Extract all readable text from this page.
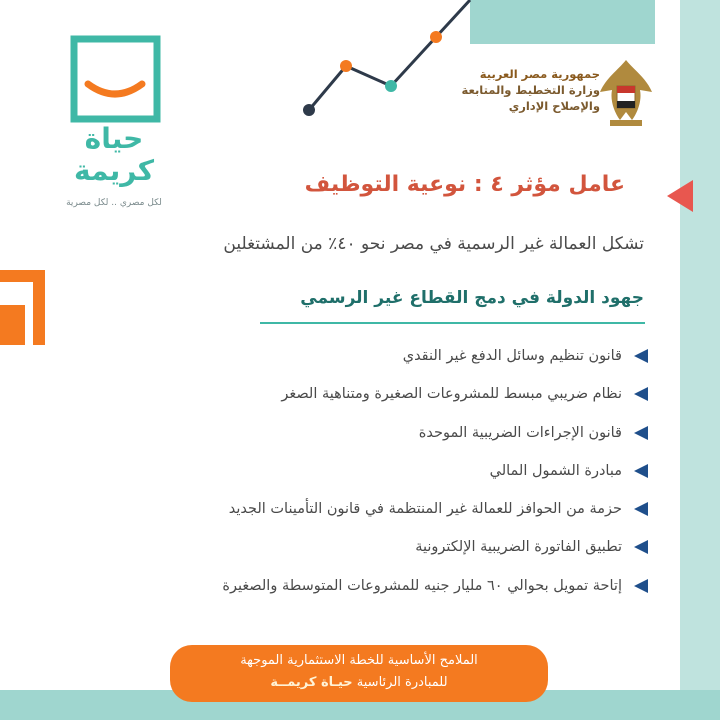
جمهورية مصر العربية
وزارة التخطيط والمتابعة
والإصلاح الإداري
حياة
كريمة
لكل مصري .. لكل مصرية
عامل مؤثر ٤ : نوعية التوظيف
تشكل العمالة غير الرسمية في مصر نحو ٤٠٪ من المشتغلين
جهود الدولة في دمج القطاع غير الرسمي
قانون تنظيم وسائل الدفع غير النقدي
نظام ضريبي مبسط للمشروعات الصغيرة ومتناهية الصغر
قانون الإجراءات الضريبية الموحدة
مبادرة الشمول المالي
حزمة من الحوافز للعمالة غير المنتظمة في قانون التأمينات الجديد
تطبيق الفاتورة الضريبية الإلكترونية
إتاحة تمويل بحوالي ٦٠ مليار جنيه للمشروعات المتوسطة والصغيرة
الملامح الأساسية للخطة الاستثمارية الموجهة
للمبادرة الرئاسية حيـاة كريمــة
